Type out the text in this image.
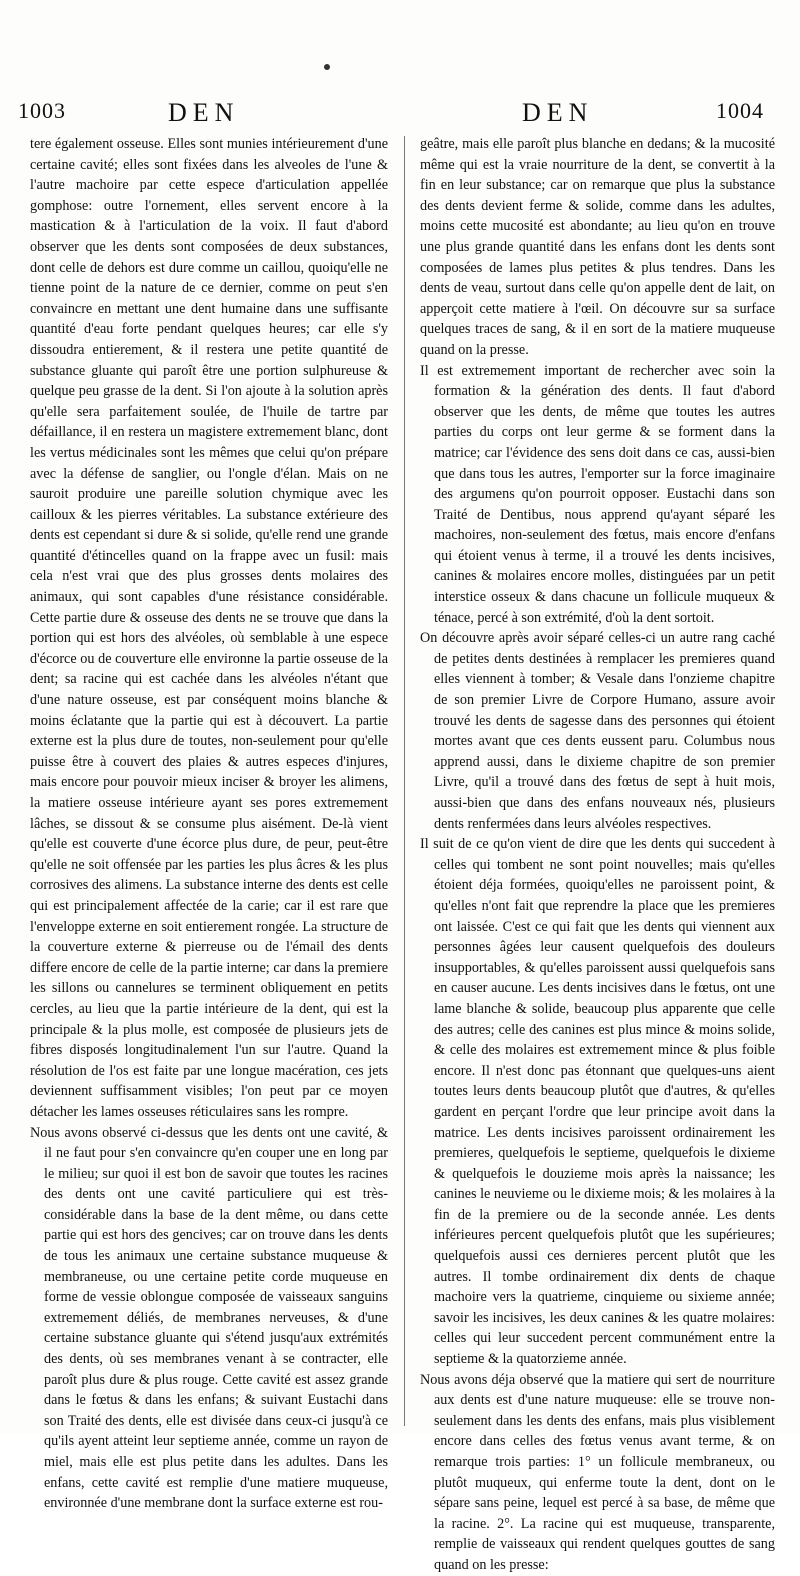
1003	DEN	DEN	1004

tere également osseuse. Elles sont munies intérieurement d'une certaine cavité; elles sont fixées dans les alveoles de l'une & l'autre machoire par cette espece d'articulation appellée gomphose: outre l'ornement, elles servent encore à la mastication & à l'articulation de la voix. Il faut d'abord observer que les dents sont composées de deux substances, dont celle de dehors est dure comme un caillou, quoiqu'elle ne tienne point de la nature de ce dernier, comme on peut s'en convaincre en mettant une dent humaine dans une suffisante quantité d'eau forte pendant quelques heures; car elle s'y dissoudra entierement, & il restera une petite quantité de substance gluante qui paroît être une portion sulphureuse & quelque peu grasse de la dent. Si l'on ajoute à la solution après qu'elle sera parfaitement soulée, de l'huile de tartre par défaillance, il en restera un magistere extremement blanc, dont les vertus médicinales sont les mêmes que celui qu'on prépare avec la défense de sanglier, ou l'ongle d'élan. Mais on ne sauroit produire une pareille solution chymique avec les cailloux & les pierres véritables. La substance extérieure des dents est cependant si dure & si solide, qu'elle rend une grande quantité d'étincelles quand on la frappe avec un fusil: mais cela n'est vrai que des plus grosses dents molaires des animaux, qui sont capables d'une résistance considérable. Cette partie dure & osseuse des dents ne se trouve que dans la portion qui est hors des alvéoles, où semblable à une espece d'écorce ou de couverture elle environne la partie osseuse de la dent; sa racine qui est cachée dans les alvéoles n'étant que d'une nature osseuse, est par conséquent moins blanche & moins éclatante que la partie qui est à découvert. La partie externe est la plus dure de toutes, non-seulement pour qu'elle puisse être à couvert des plaies & autres especes d'injures, mais encore pour pouvoir mieux inciser & broyer les alimens, la matiere osseuse intérieure ayant ses pores extremement lâches, se dissout & se consume plus aisément. De-là vient qu'elle est couverte d'une écorce plus dure, de peur, peut-être qu'elle ne soit offensée par les parties les plus âcres & les plus corrosives des alimens. La substance interne des dents est celle qui est principalement affectée de la carie; car il est rare que l'enveloppe externe en soit entierement rongée. La structure de la couverture externe & pierreuse ou de l'émail des dents differe encore de celle de la partie interne; car dans la premiere les sillons ou cannelures se terminent obliquement en petits cercles, au lieu que la partie intérieure de la dent, qui est la principale & la plus molle, est composée de plusieurs jets de fibres disposés longitudinalement l'un sur l'autre. Quand la résolution de l'os est faite par une longue macération, ces jets deviennent suffisamment visibles; l'on peut par ce moyen détacher les lames osseuses réticulaires sans les rompre.

Nous avons observé ci-dessus que les dents ont une cavité, & il ne faut pour s'en convaincre qu'en couper une en long par le milieu; sur quoi il est bon de savoir que toutes les racines des dents ont une cavité particuliere qui est très-considérable dans la base de la dent même, ou dans cette partie qui est hors des gencives; car on trouve dans les dents de tous les animaux une certaine substance muqueuse & membraneuse, ou une certaine petite corde muqueuse en forme de vessie oblongue composée de vaisseaux sanguins extremement déliés, de membranes nerveuses, & d'une certaine substance gluante qui s'étend jusqu'aux extrémités des dents, où ses membranes venant à se contracter, elle paroît plus dure & plus rouge. Cette cavité est assez grande dans le fœtus & dans les enfans; & suivant Eustachi dans son Traité des dents, elle est divisée dans ceux-ci jusqu'à ce qu'ils ayent atteint leur septieme année, comme un rayon de miel, mais elle est plus petite dans les adultes. Dans les enfans, cette cavité est remplie d'une matiere muqueuse, environnée d'une membrane dont la surface externe est rou-

geâtre, mais elle paroît plus blanche en dedans; & la mucosité même qui est la vraie nourriture de la dent, se convertit à la fin en leur substance; car on remarque que plus la substance des dents devient ferme & solide, comme dans les adultes, moins cette mucosité est abondante; au lieu qu'on en trouve une plus grande quantité dans les enfans dont les dents sont composées de lames plus petites & plus tendres. Dans les dents de veau, surtout dans celle qu'on appelle dent de lait, on apperçoit cette matiere à l'œil. On découvre sur sa surface quelques traces de sang, & il en sort de la matiere muqueuse quand on la presse.

Il est extremement important de rechercher avec soin la formation & la génération des dents. Il faut d'abord observer que les dents, de même que toutes les autres parties du corps ont leur germe & se forment dans la matrice; car l'évidence des sens doit dans ce cas, aussi-bien que dans tous les autres, l'emporter sur la force imaginaire des argumens qu'on pourroit opposer. Eustachi dans son Traité de Dentibus, nous apprend qu'ayant séparé les machoires, non-seulement des fœtus, mais encore d'enfans qui étoient venus à terme, il a trouvé les dents incisives, canines & molaires encore molles, distinguées par un petit interstice osseux & dans chacune un follicule muqueux & ténace, percé à son extrémité, d'où la dent sortoit.

On découvre après avoir séparé celles-ci un autre rang caché de petites dents destinées à remplacer les premieres quand elles viennent à tomber; & Vesale dans l'onzieme chapitre de son premier Livre de Corpore Humano, assure avoir trouvé les dents de sagesse dans des personnes qui étoient mortes avant que ces dents eussent paru. Columbus nous apprend aussi, dans le dixieme chapitre de son premier Livre, qu'il a trouvé dans des fœtus de sept à huit mois, aussi-bien que dans des enfans nouveaux nés, plusieurs dents renfermées dans leurs alvéoles respectives.

Il suit de ce qu'on vient de dire que les dents qui succedent à celles qui tombent ne sont point nouvelles; mais qu'elles étoient déja formées, quoiqu'elles ne paroissent point, & qu'elles n'ont fait que reprendre la place que les premieres ont laissée. C'est ce qui fait que les dents qui viennent aux personnes âgées leur causent quelquefois des douleurs insupportables, & qu'elles paroissent aussi quelquefois sans en causer aucune. Les dents incisives dans le fœtus, ont une lame blanche & solide, beaucoup plus apparente que celle des autres; celle des canines est plus mince & moins solide, & celle des molaires est extremement mince & plus foible encore. Il n'est donc pas étonnant que quelques-uns aient toutes leurs dents beaucoup plutôt que d'autres, & qu'elles gardent en perçant l'ordre que leur principe avoit dans la matrice. Les dents incisives paroissent ordinairement les premieres, quelquefois le septieme, quelquefois le dixieme & quelquefois le douzieme mois après la naissance; les canines le neuvieme ou le dixieme mois; & les molaires à la fin de la premiere ou de la seconde année. Les dents inférieures percent quelquefois plutôt que les supérieures; quelquefois aussi ces dernieres percent plutôt que les autres. Il tombe ordinairement dix dents de chaque machoire vers la quatrieme, cinquieme ou sixieme année; savoir les incisives, les deux canines & les quatre molaires: celles qui leur succedent percent communément entre la septieme & la quatorzieme année.

Nous avons déja observé que la matiere qui sert de nourriture aux dents est d'une nature muqueuse: elle se trouve non-seulement dans les dents des enfans, mais plus visiblement encore dans celles des fœtus venus avant terme, & on remarque trois parties: 1° un follicule membraneux, ou plutôt muqueux, qui enferme toute la dent, dont on le sépare sans peine, lequel est percé à sa base, de même que la racine. 2°. La racine qui est muqueuse, transparente, remplie de vaisseaux qui rendent quelques gouttes de sang quand on les presse:
